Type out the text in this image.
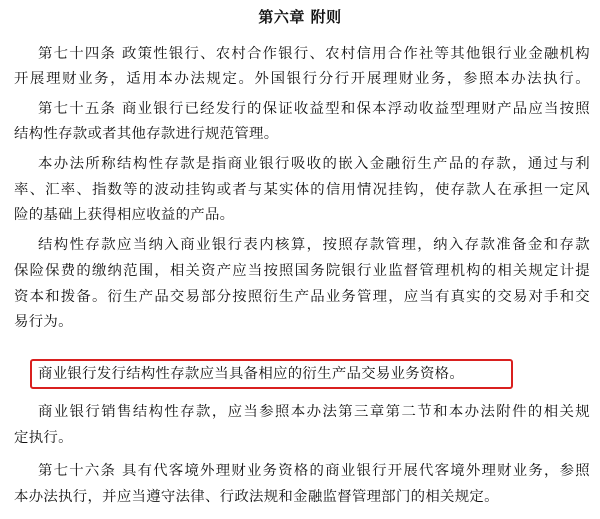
第六章 附则
第七十四条 政策性银行、农村合作银行、农村信用合作社等其他银行业金融机构
开展理财业务，适用本办法规定。外国银行分行开展理财业务，参照本办法执行。
第七十五条 商业银行已经发行的保证收益型和保本浮动收益型理财产品应当按照
结构性存款或者其他存款进行规范管理。
本办法所称结构性存款是指商业银行吸收的嵌入金融衍生产品的存款，通过与利
率、汇率、指数等的波动挂钩或者与某实体的信用情况挂钩，使存款人在承担一定风
险的基础上获得相应收益的产品。
结构性存款应当纳入商业银行表内核算，按照存款管理，纳入存款准备金和存款
保险保费的缴纳范围，相关资产应当按照国务院银行业监督管理机构的相关规定计提
资本和拨备。衍生产品交易部分按照衍生产品业务管理，应当有真实的交易对手和交
易行为。
商业银行发行结构性存款应当具备相应的衍生产品交易业务资格。
商业银行销售结构性存款，应当参照本办法第三章第二节和本办法附件的相关规
定执行。
第七十六条 具有代客境外理财业务资格的商业银行开展代客境外理财业务，参照
本办法执行，并应当遵守法律、行政法规和金融监督管理部门的相关规定。
